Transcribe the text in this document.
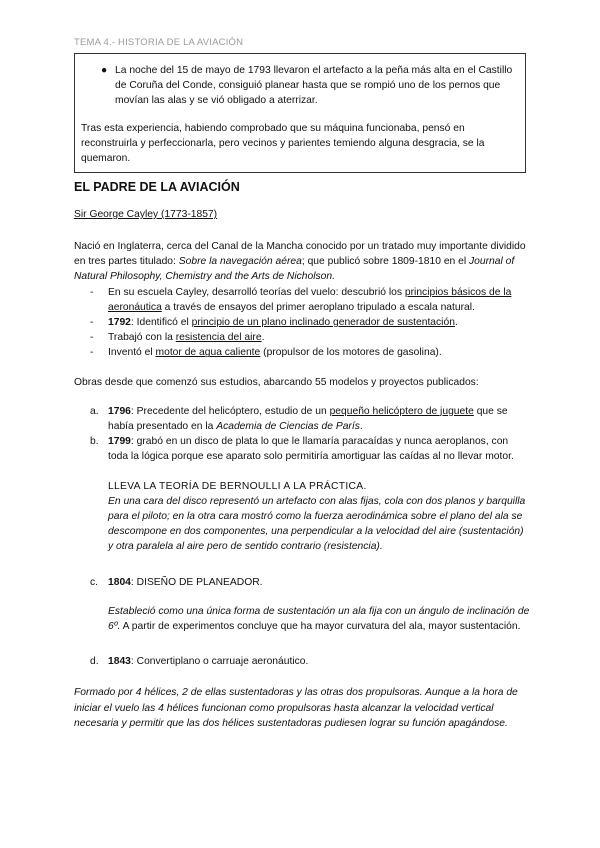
TEMA 4.- HISTORIA DE LA AVIACIÓN
● La noche del 15 de mayo de 1793 llevaron el artefacto a la peña más alta en el Castillo de Coruña del Conde, consiguió planear hasta que se rompió uno de los pernos que movían las alas y se vió obligado a aterrizar.
Tras esta experiencia, habiendo comprobado que su máquina funcionaba, pensó en reconstruirla y perfeccionarla, pero vecinos y parientes temiendo alguna desgracia, se la quemaron.
EL PADRE DE LA AVIACIÓN
Sir George Cayley (1773-1857)
Nació en Inglaterra, cerca del Canal de la Mancha conocido por un tratado muy importante dividido en tres partes titulado: Sobre la navegación aérea; que publicó sobre 1809-1810 en el Journal of Natural Philosophy, Chemistry and the Arts de Nicholson.
- En su escuela Cayley, desarrolló teorías del vuelo: descubrió los principios básicos de la aeronáutica a través de ensayos del primer aeroplano tripulado a escala natural.
- 1792: Identificó el principio de un plano inclinado generador de sustentación.
- Trabajó con la resistencia del aire.
- Inventó el motor de agua caliente (propulsor de los motores de gasolina).
Obras desde que comenzó sus estudios, abarcando 55 modelos y proyectos publicados:
a. 1796: Precedente del helicóptero, estudio de un pequeño helicóptero de juguete que se había presentado en la Academia de Ciencias de París.
b. 1799: grabó en un disco de plata lo que le llamaría paracaídas y nunca aeroplanos, con toda la lógica porque ese aparato solo permitiría amortiguar las caídas al no llevar motor.
LLEVA LA TEORÍA DE BERNOULLI A LA PRÁCTICA.
En una cara del disco representó un artefacto con alas fijas, cola con dos planos y barquilla para el piloto; en la otra cara mostró como la fuerza aerodinámica sobre el plano del ala se descompone en dos componentes, una perpendicular a la velocidad del aire (sustentación) y otra paralela al aire pero de sentido contrario (resistencia).
c. 1804: DISEÑO DE PLANEADOR.
Estableció como una única forma de sustentación un ala fija con un ángulo de inclinación de 6º. A partir de experimentos concluye que ha mayor curvatura del ala, mayor sustentación.
d. 1843: Convertiplano o carruaje aeronáutico.
Formado por 4 hélices, 2 de ellas sustentadoras y las otras dos propulsoras. Aunque a la hora de iniciar el vuelo las 4 hélices funcionan como propulsoras hasta alcanzar la velocidad vertical necesaria y permitir que las dos hélices sustentadoras pudiesen lograr su función apagándose.
